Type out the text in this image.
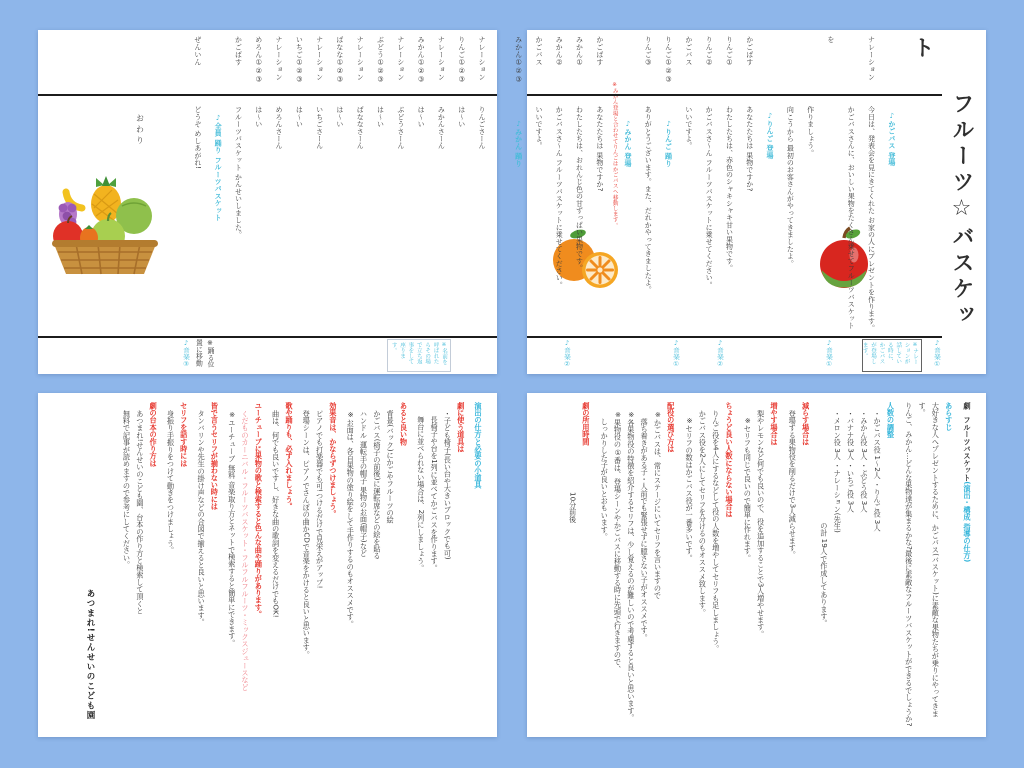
フルーツ☆バスケット
♪かごバス 登場
ナレーション今日は、発表会を見にきてくれた お家の人にプレゼントを作ります。
かごバスさんに、おいしい果物をたくさん乗せてフルーツバスケットを
作りましょう。
向こうから 最初のお客さんがやってきましたよ。
♪りんご 登場
かごばすあなたたちは 果物ですか?
りんご①わたしたちは、赤色のシャキシャキ甘い果物です。
りんご②かごバスさ〜ん フルーツバスケットに乗せてください。
かごバスいいですよ。
りんご①②③♪りんご 踊り
りんご③ありがとうございます。また、だれかやってきましたよ。
♪みかん 登場
※みかん登場と合わせてりんごはかごバスへ移動します。
かごばすあなたたちは 果物ですか?
みかん①わたしたちは、おれんじ色の甘ずっぱい果物です。
みかん②かごバスさ〜ん フルーツバスケットに乗せてください。
かごバスいいですよ。
みかん①②③♪みかん 踊り
♪音楽①
※ナレーションが話している時に、かごバスが登場します。
♪音楽①
♪音楽②
♪音楽①
♪音楽②
ナレーションりんごさーん
りんご①②③は〜い
ナレーションみかんさーん
みかん①②③は〜い
ナレーションぶどうさーん
ぶどう①②③は〜い
ナレーションばななさーん
ばなな①②③は〜い
ナレーションいちごさーん
いちご①②③は〜い
ナレーションめろんさーん
めろん①②③は〜い
かごばすフルーツバスケット かんせいしました。
♪全員 踊り フルーツバスケット
ぜんいんどうぞ めしあがれ!
おわり
※名前を呼ばれたらその場で立ち返事をして座ります。
※踊る位置に移動
♪音楽③
劇　フルーツバスケット(演出・構成 指導の仕方)
あらすじ
大好きな人へプレゼントするために、かごバス(バスケット)に素敵な果物たちが乗りにやってきます。
りんご、みかん…どんな果物達が集まるかな?最後に素敵なフルーツバスケットができるでしょうか?
人数の調整
・かごバス役 1〜2人 ・りんご役 3人
・みかん役 3人 ・ぶどう役 3人
・バナナ役 3人 ・いちご役 3人
・メロン役 3人 ・ナレーション(先生)
の計 19人で作成してあります。
減らす場合は
登場する果物役を削るだけで3人減らせます。
増やす場合は
梨やレモンなど何でも良いので、役を追加することで3人増やせます。
※セリフも同じで良いので簡単に作れます。
ちょうど良い人数にならない場合は
りんご役を4人にするなどして役の人数を増やしてセリフも足しましょう。
かごバス役を2人にしてセリフを分けるのもオススメ致します。
※セリフの数はかごバス役が一番多いです。
配役の選び方は
※かごバスは、常にステージにいてセリフを言いますので
落ち着きがある子・人前でも緊張せずに臆さない子がオススメです。
※各果物役の特徴を紹介するセリフは、少し覚えるのが難しいので考慮すると良いと思います。
※果物役の①番は、登場シーンやかごバスに移動する時に先頭で行きますので、
しっかりした子が良いとおもいます。
劇の所用時間
10分前後
演出の仕方と必要の小道具
劇に使う道具は
・子ども椅子(長い台や大きいブロックでも可)
長椅子や台を1列に並べてかごバスを作ります。
舞台に並べられない場合は、2列にしましょう。
あると良い物
背景(バック)にかごやフルーツの絵
かごバス(椅子の前後)に運転席などの絵を貼る
ハンドル 運転手の帽子 果物のお面(帽子)など
※お面は、各自果物の塗り絵をして手作りするのもオススメです。
効果音は、かならずつけましょう。
ピアノでも打楽器でも可!つけるだけで見栄えがアップ!
登場シーンは、ピアノでさんぽの曲かCDで音楽をかけると良いと思います。
歌や踊りも、必ず入れましょう。
曲は、何でも良いですし、好きな曲の歌詞を変えるだけでもOK!
ユーチューブに果物の歌と検索すると色んな曲や踊りがあります。
くだものカーニバル・フルーツバスケット・フルフルフルーツ・ミックスジュースなど
※ユーチューブ 無料 音楽取り方とネットで検索すると簡単にできます。
皆で言うセリフが揃わない時には
タンバリンや先生の掛け声などの合図で揃えると良いと思います。
セリフを話す時には
身振り手振りをつけて動きをつけましょう。
劇の台本の作り方は
あつまれ!せんせいのこども園、台本の作り方と検索して頂くと
無料で記事が読めますので参考にしてください。
あつまれ!せんせいのこども園
